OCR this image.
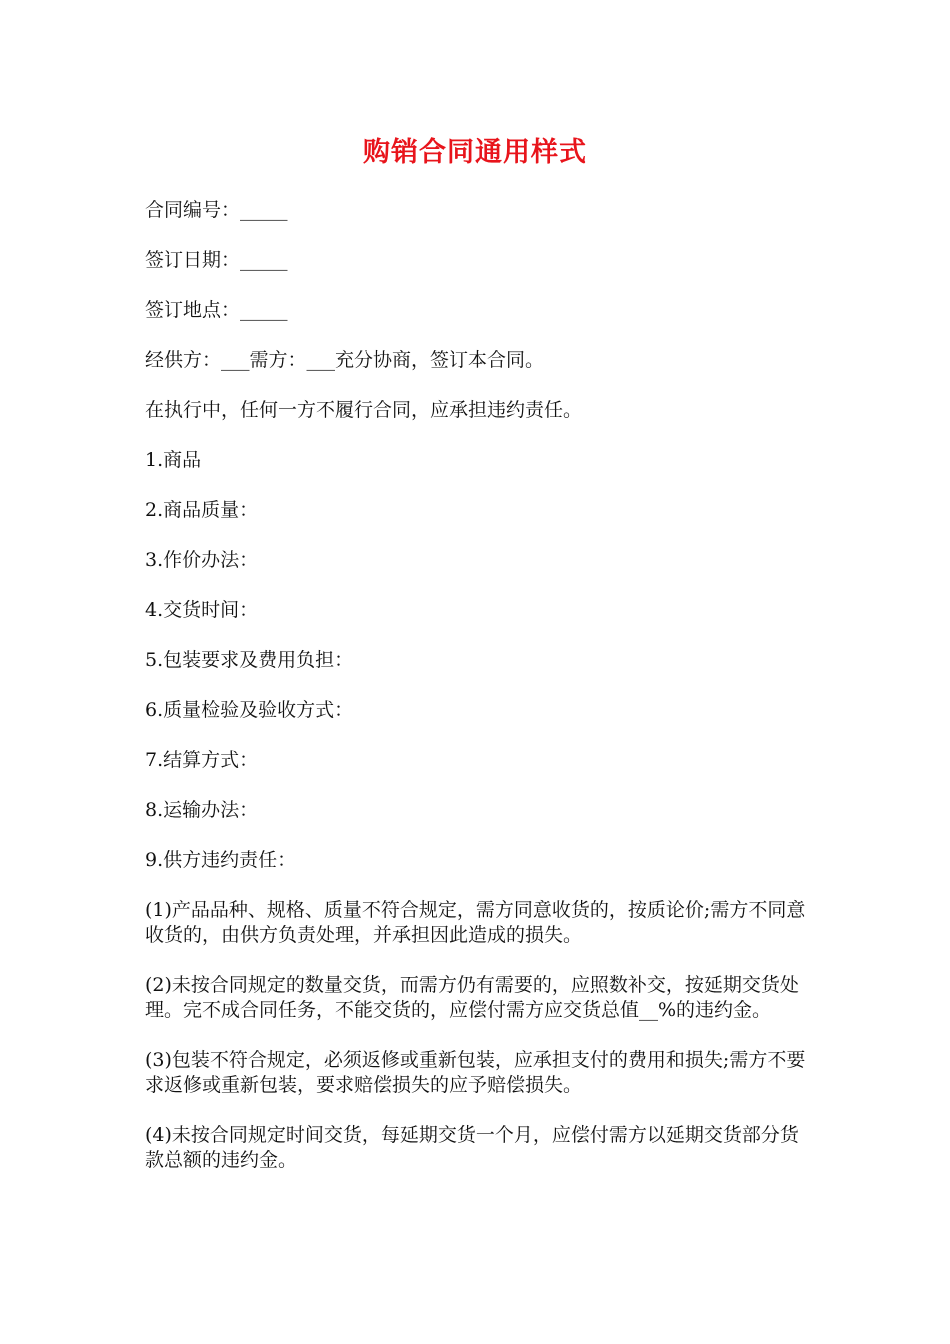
购销合同通用样式

合同编号：_____

签订日期：_____

签订地点：_____

经供方：___需方：___充分协商，签订本合同。

在执行中，任何一方不履行合同，应承担违约责任。

1.商品

2.商品质量：

3.作价办法：

4.交货时间：

5.包装要求及费用负担：

6.质量检验及验收方式：

7.结算方式：

8.运输办法：

9.供方违约责任：

(1)产品品种、规格、质量不符合规定，需方同意收货的，按质论价;需方不同意收货的，由供方负责处理，并承担因此造成的损失。

(2)未按合同规定的数量交货，而需方仍有需要的，应照数补交，按延期交货处理。完不成合同任务，不能交货的，应偿付需方应交货总值__%的违约金。

(3)包装不符合规定，必须返修或重新包装，应承担支付的费用和损失;需方不要求返修或重新包装，要求赔偿损失的应予赔偿损失。

(4)未按合同规定时间交货，每延期交货一个月，应偿付需方以延期交货部分货款总额的违约金。
